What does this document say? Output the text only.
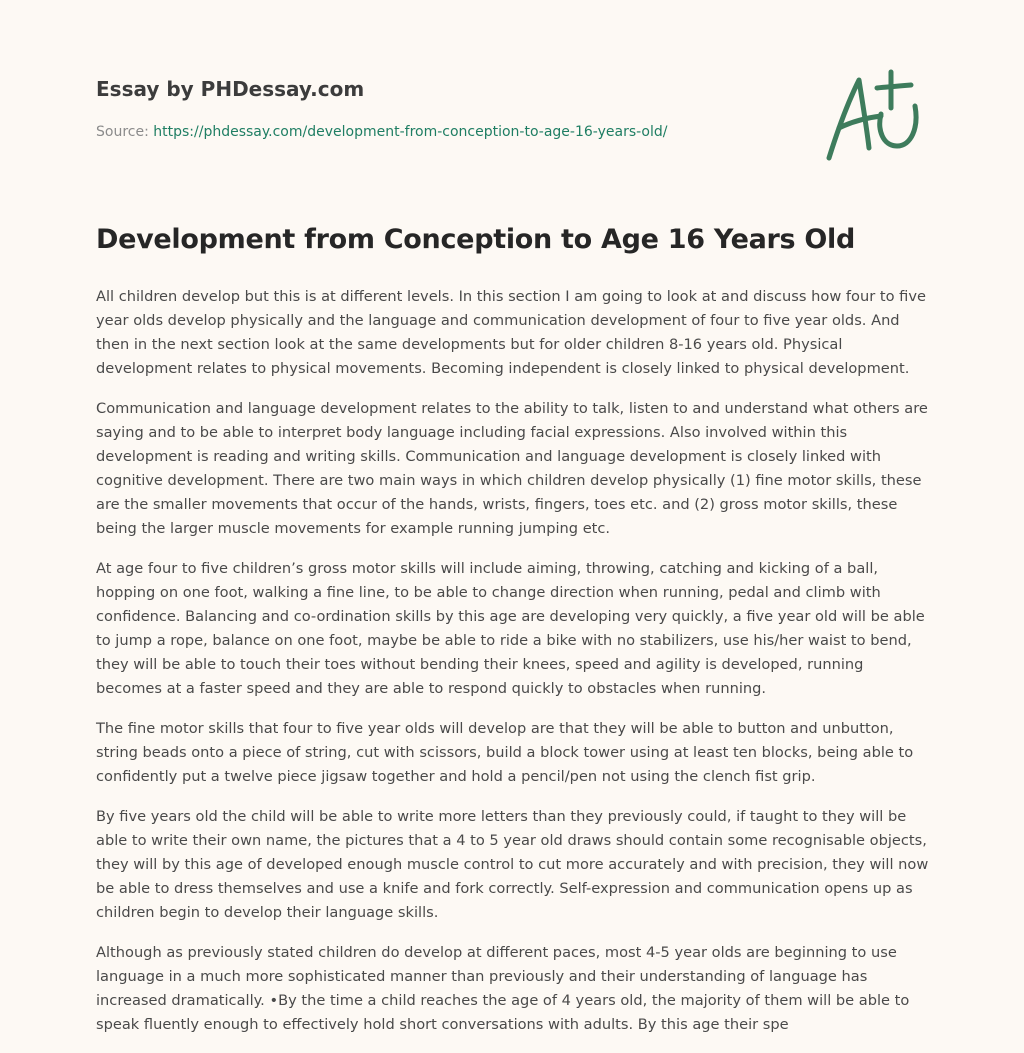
Essay by PHDessay.com
Source: https://phdessay.com/development-from-conception-to-age-16-years-old/
Development from Conception to Age 16 Years Old

All children develop but this is at different levels. In this section I am going to look at and discuss how four to five year olds develop physically and the language and communication development of four to five year olds. And then in the next section look at the same developments but for older children 8-16 years old. Physical development relates to physical movements. Becoming independent is closely linked to physical development.

Communication and language development relates to the ability to talk, listen to and understand what others are saying and to be able to interpret body language including facial expressions. Also involved within this development is reading and writing skills. Communication and language development is closely linked with cognitive development. There are two main ways in which children develop physically (1) fine motor skills, these are the smaller movements that occur of the hands, wrists, fingers, toes etc. and (2) gross motor skills, these being the larger muscle movements for example running jumping etc.

At age four to five children’s gross motor skills will include aiming, throwing, catching and kicking of a ball, hopping on one foot, walking a fine line, to be able to change direction when running, pedal and climb with confidence. Balancing and co-ordination skills by this age are developing very quickly, a five year old will be able to jump a rope, balance on one foot, maybe be able to ride a bike with no stabilizers, use his/her waist to bend, they will be able to touch their toes without bending their knees, speed and agility is developed, running becomes at a faster speed and they are able to respond quickly to obstacles when running.

The fine motor skills that four to five year olds will develop are that they will be able to button and unbutton, string beads onto a piece of string, cut with scissors, build a block tower using at least ten blocks, being able to confidently put a twelve piece jigsaw together and hold a pencil/pen not using the clench fist grip.

By five years old the child will be able to write more letters than they previously could, if taught to they will be able to write their own name, the pictures that a 4 to 5 year old draws should contain some recognisable objects, they will by this age of developed enough muscle control to cut more accurately and with precision, they will now be able to dress themselves and use a knife and fork correctly. Self-expression and communication opens up as children begin to develop their language skills.

Although as previously stated children do develop at different paces, most 4-5 year olds are beginning to use language in a much more sophisticated manner than previously and their understanding of language has increased dramatically. •By the time a child reaches the age of 4 years old, the majority of them will be able to speak fluently enough to effectively hold short conversations with adults. By this age their spe
